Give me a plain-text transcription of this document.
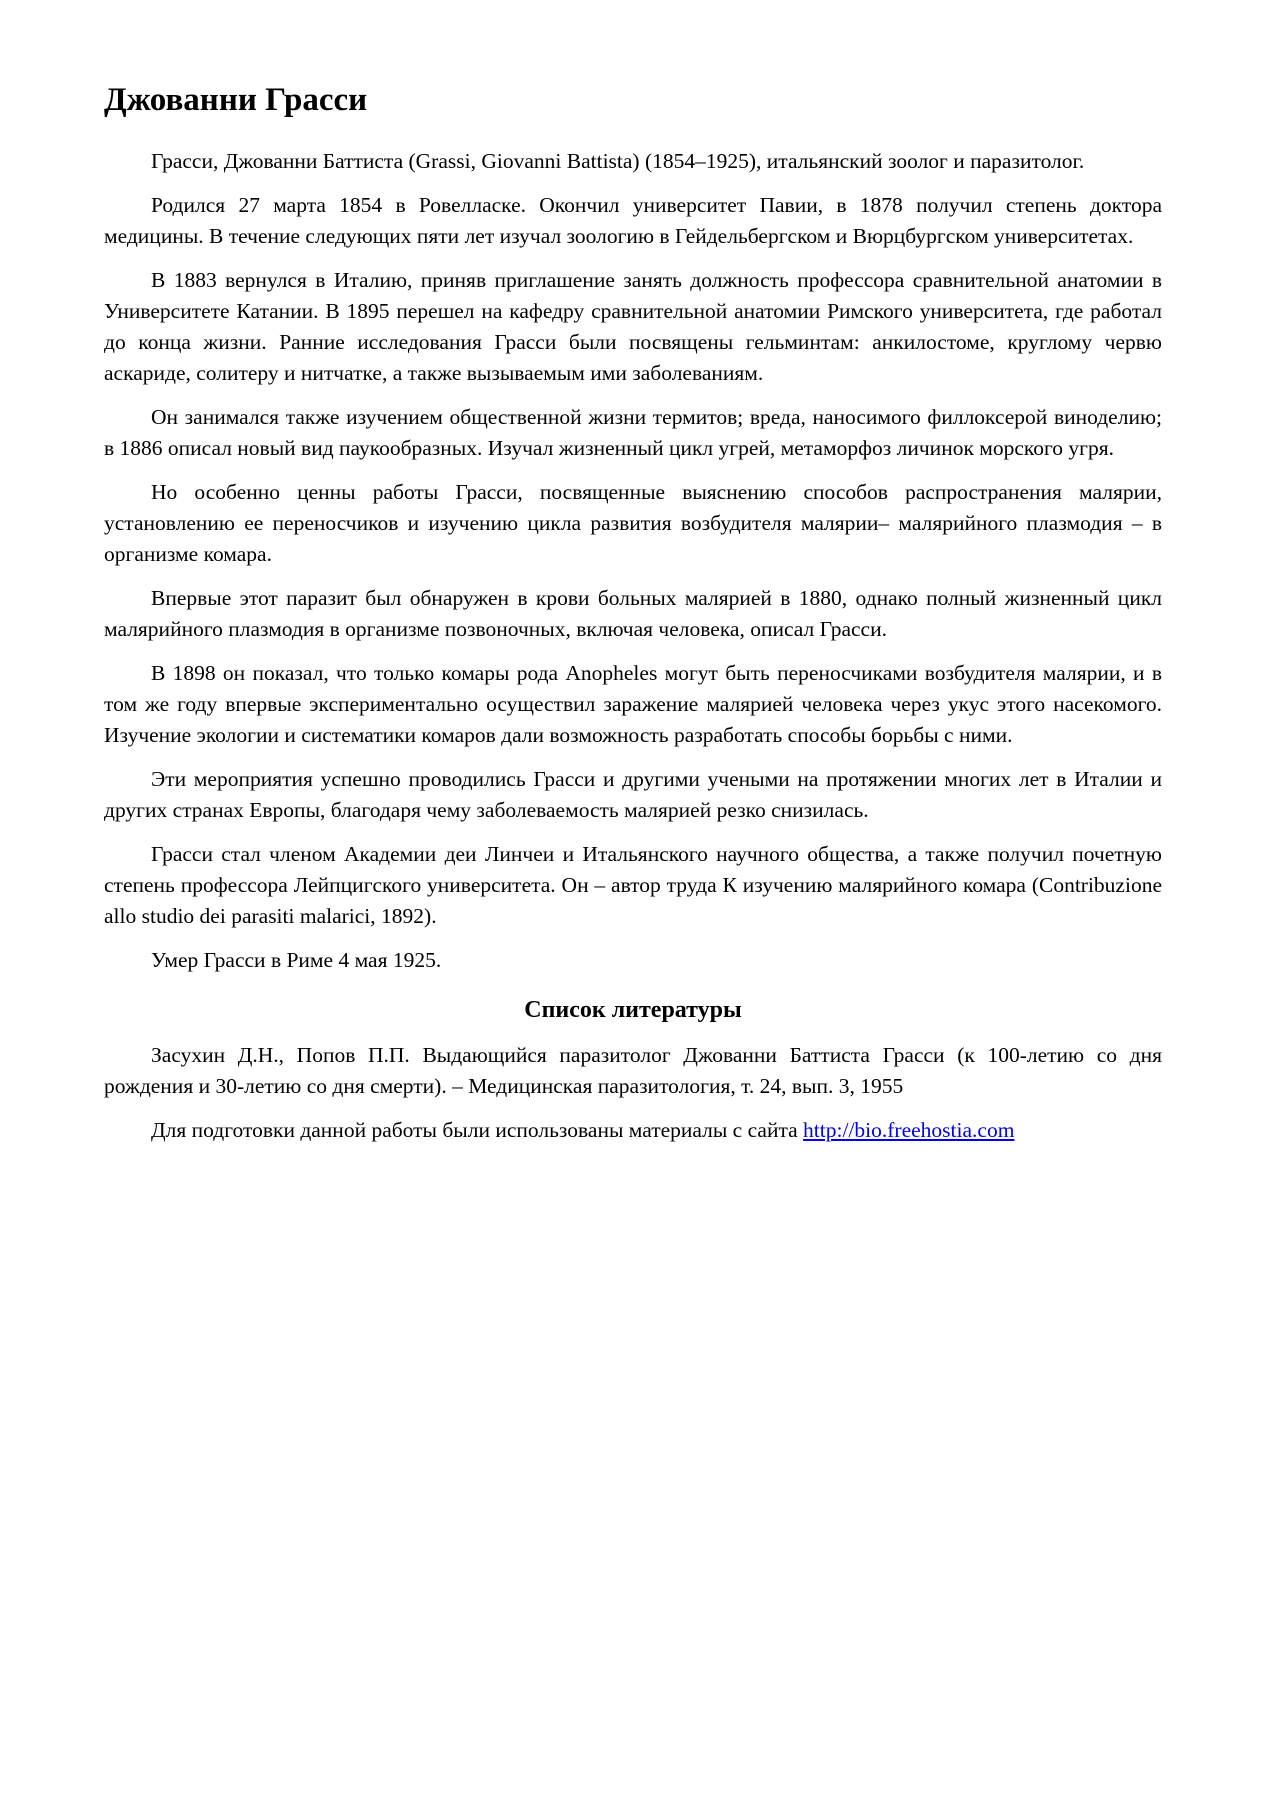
Джованни Грасси

Грасси, Джованни Баттиста (Grassi, Giovanni Battista) (1854–1925), итальянский зоолог и паразитолог.

Родился 27 марта 1854 в Ровелласке. Окончил университет Павии, в 1878 получил степень доктора медицины. В течение следующих пяти лет изучал зоологию в Гейдельбергском и Вюрцбургском университетах.

В 1883 вернулся в Италию, приняв приглашение занять должность профессора сравнительной анатомии в Университете Катании. В 1895 перешел на кафедру сравнительной анатомии Римского университета, где работал до конца жизни. Ранние исследования Грасси были посвящены гельминтам: анкилостоме, круглому червю аскариде, солитеру и нитчатке, а также вызываемым ими заболеваниям.

Он занимался также изучением общественной жизни термитов; вреда, наносимого филлоксерой виноделию; в 1886 описал новый вид паукообразных. Изучал жизненный цикл угрей, метаморфоз личинок морского угря.

Но особенно ценны работы Грасси, посвященные выяснению способов распространения малярии, установлению ее переносчиков и изучению цикла развития возбудителя малярии– малярийного плазмодия – в организме комара.

Впервые этот паразит был обнаружен в крови больных малярией в 1880, однако полный жизненный цикл малярийного плазмодия в организме позвоночных, включая человека, описал Грасси.

В 1898 он показал, что только комары рода Anopheles могут быть переносчиками возбудителя малярии, и в том же году впервые экспериментально осуществил заражение малярией человека через укус этого насекомого. Изучение экологии и систематики комаров дали возможность разработать способы борьбы с ними.

Эти мероприятия успешно проводились Грасси и другими учеными на протяжении многих лет в Италии и других странах Европы, благодаря чему заболеваемость малярией резко снизилась.

Грасси стал членом Академии деи Линчеи и Итальянского научного общества, а также получил почетную степень профессора Лейпцигского университета. Он – автор труда К изучению малярийного комара (Contribuzione allo studio dei parasiti malarici, 1892).

Умер Грасси в Риме 4 мая 1925.

Список литературы

Засухин Д.Н., Попов П.П. Выдающийся паразитолог Джованни Баттиста Грасси (к 100-летию со дня рождения и 30-летию со дня смерти). – Медицинская паразитология, т. 24, вып. 3, 1955

Для подготовки данной работы были использованы материалы с сайта http://bio.freehostia.com
